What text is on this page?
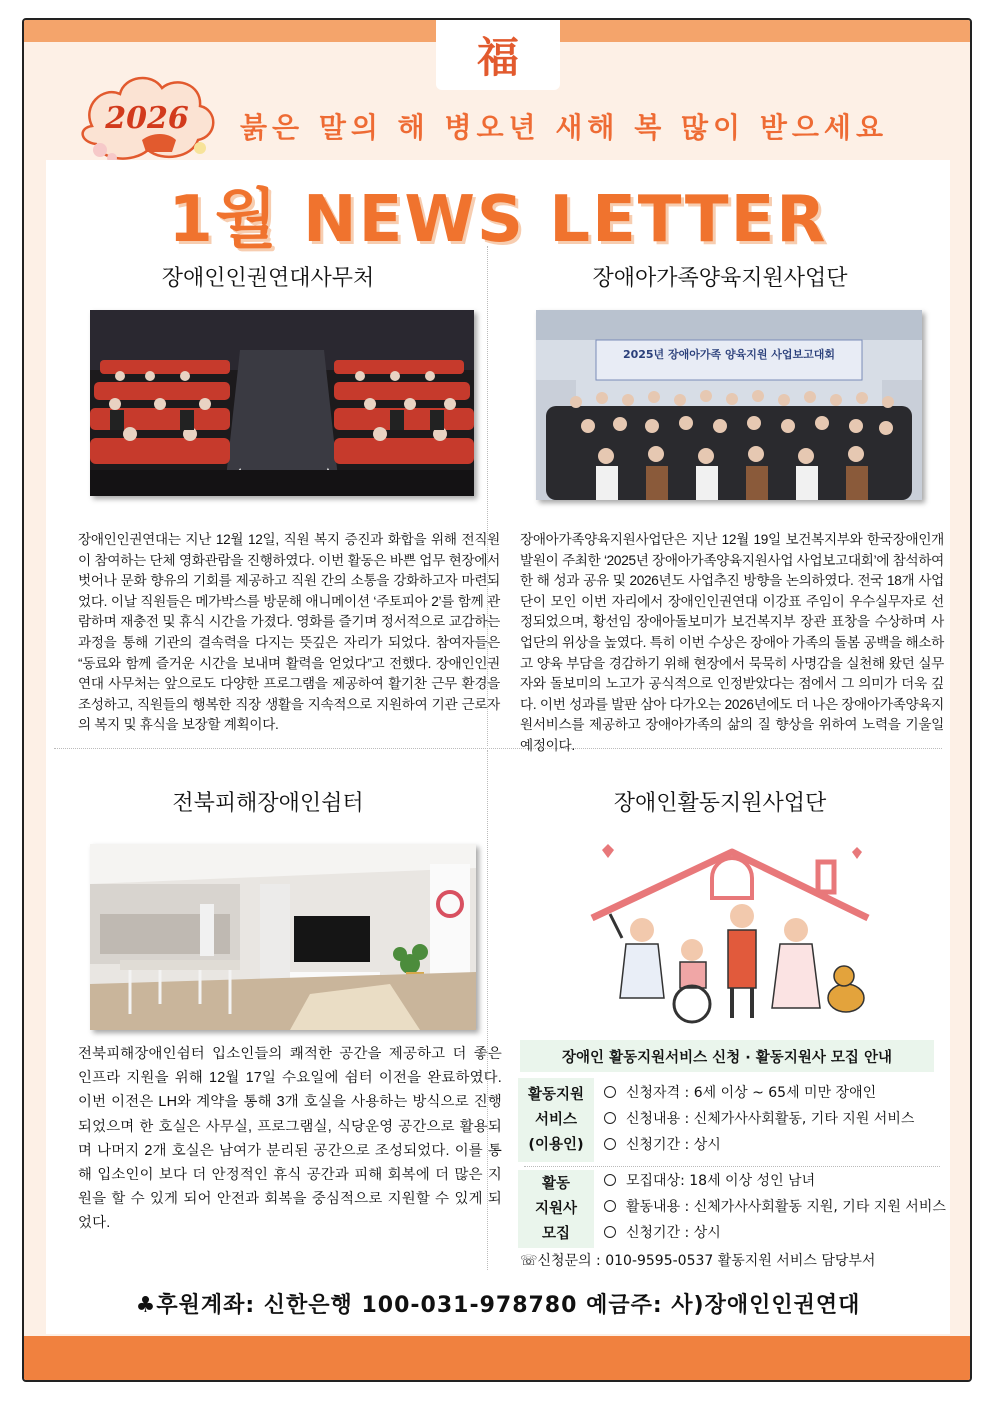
福
2026	붉은 말의 해 병오년 새해 복 많이 받으세요
1월 NEWS LETTER
장애인인권연대사무처
장애인인권연대는 지난 12월 12일, 직원 복지 증진과 화합을 위해 전직원이 참여하는 단체 영화관람을 진행하였다. 이번 활동은 바쁜 업무 현장에서 벗어나 문화 향유의 기회를 제공하고 직원 간의 소통을 강화하고자 마련되었다. 이날 직원들은 메가박스를 방문해 애니메이션 ‘주토피아 2’를 함께 관람하며 재충전 및 휴식 시간을 가졌다. 영화를 즐기며 정서적으로 교감하는 과정을 통해 기관의 결속력을 다지는 뜻깊은 자리가 되었다. 참여자들은 “동료와 함께 즐거운 시간을 보내며 활력을 얻었다”고 전했다. 장애인인권연대 사무처는 앞으로도 다양한 프로그램을 제공하여 활기찬 근무 환경을 조성하고, 직원들의 행복한 직장 생활을 지속적으로 지원하여 기관 근로자의 복지 및 휴식을 보장할 계획이다.
장애아가족양육지원사업단
2025년 장애아가족 양육지원 사업보고대회
장애아가족양육지원사업단은 지난 12월 19일 보건복지부와 한국장애인개발원이 주최한 ‘2025년 장애아가족양육지원사업 사업보고대회’에 참석하여 한 해 성과 공유 및 2026년도 사업추진 방향을 논의하였다. 전국 18개 사업단이 모인 이번 자리에서 장애인인권연대 이강표 주임이 우수실무자로 선정되었으며, 황선임 장애아돌보미가 보건복지부 장관 표창을 수상하며 사업단의 위상을 높였다. 특히 이번 수상은 장애아 가족의 돌봄 공백을 해소하고 양육 부담을 경감하기 위해 현장에서 묵묵히 사명감을 실천해 왔던 실무자와 돌보미의 노고가 공식적으로 인정받았다는 점에서 그 의미가 더욱 깊다. 이번 성과를 발판 삼아 다가오는 2026년에도 더 나은 장애아가족양육지원서비스를 제공하고 장애아가족의 삶의 질 향상을 위하여 노력을 기울일 예정이다.
전북피해장애인쉼터
전북피해장애인쉼터 입소인들의 쾌적한 공간을 제공하고 더 좋은 인프라 지원을 위해 12월 17일 수요일에 쉼터 이전을 완료하였다. 이번 이전은 LH와 계약을 통해 3개 호실을 사용하는 방식으로 진행되었으며 한 호실은 사무실, 프로그램실, 식당운영 공간으로 활용되며 나머지 2개 호실은 남여가 분리된 공간으로 조성되었다. 이를 통해 입소인이 보다 더 안정적인 휴식 공간과 피해 회복에 더 많은 지원을 할 수 있게 되어 안전과 회복을 중심적으로 지원할 수 있게 되었다.
장애인활동지원사업단
장애인 활동지원서비스 신청 · 활동지원사 모집 안내
활동지원
서비스
(이용인)
신청자격 : 6세 이상 ~ 65세 미만 장애인
신청내용 : 신체가사사회활동, 기타 지원 서비스
신청기간 : 상시
활동
지원사
모집
모집대상: 18세 이상 성인 남녀
활동내용 : 신체가사사회활동 지원, 기타 지원 서비스
신청기간 : 상시
☏신청문의 : 010-9595-0537 활동지원 서비스 담당부서
♣후원계좌: 신한은행 100-031-978780 예금주: 사)장애인인권연대
